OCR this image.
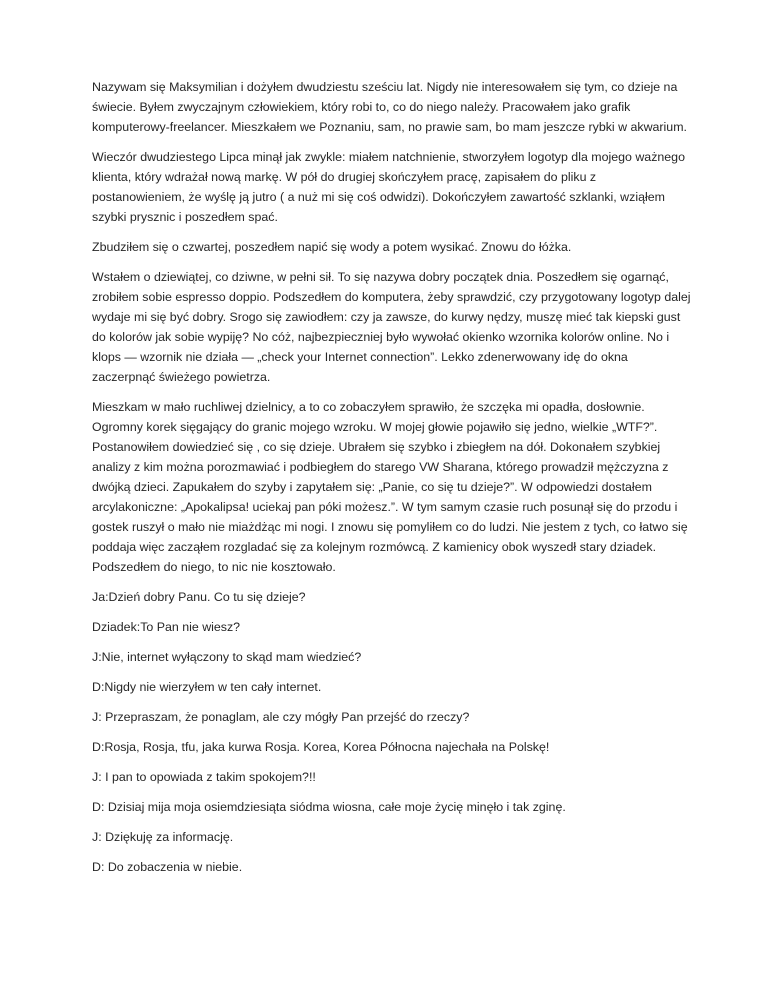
Nazywam się Maksymilian i dożyłem dwudziestu sześciu lat. Nigdy nie interesowałem się tym, co dzieje na świecie. Byłem zwyczajnym człowiekiem, który robi to, co do niego należy. Pracowałem jako grafik komputerowy-freelancer. Mieszkałem we Poznaniu, sam, no prawie sam, bo mam jeszcze rybki w akwarium.

Wieczór dwudziestego Lipca minął jak zwykle: miałem natchnienie, stworzyłem logotyp dla mojego ważnego klienta, który wdrażał nową markę. W pół do drugiej skończyłem pracę, zapisałem do pliku z postanowieniem, że wyślę ją jutro ( a nuż mi się coś odwidzi). Dokończyłem zawartość szklanki, wziąłem szybki prysznic i poszedłem spać.

Zbudziłem się o czwartej, poszedłem napić się wody a potem wysikać. Znowu do łóżka.

Wstałem o dziewiątej, co dziwne, w pełni sił. To się nazywa dobry początek dnia. Poszedłem się ogarnąć, zrobiłem sobie espresso doppio. Podszedłem do komputera, żeby sprawdzić, czy przygotowany logotyp dalej wydaje mi się być dobry. Srogo się zawiodłem: czy ja zawsze, do kurwy nędzy, muszę mieć tak kiepski gust do kolorów jak sobie wypiję? No cóż, najbezpieczniej było wywołać okienko wzornika kolorów online. No i klops — wzornik nie działa — „check your Internet connection”. Lekko zdenerwowany idę do okna zaczerpnąć świeżego powietrza.

Mieszkam w mało ruchliwej dzielnicy, a to co zobaczyłem sprawiło, że szczęka mi opadła, dosłownie. Ogromny korek sięgający do granic mojego wzroku. W mojej głowie pojawiło się jedno, wielkie „WTF?”. Postanowiłem dowiedzieć się , co się dzieje. Ubrałem się szybko i zbiegłem na dół. Dokonałem szybkiej analizy z kim można porozmawiać i podbiegłem do starego VW Sharana, którego prowadził mężczyzna z dwójką dzieci. Zapukałem do szyby i zapytałem się: „Panie, co się tu dzieje?”. W odpowiedzi dostałem arcylakoniczne: „Apokalipsa! uciekaj pan póki możesz.”. W tym samym czasie ruch posunął się do przodu i gostek ruszył o mało nie miażdżąc mi nogi. I znowu się pomyliłem co do ludzi. Nie jestem z tych, co łatwo się poddaja więc zacząłem rozgladać się za kolejnym rozmówcą. Z kamienicy obok wyszedł stary dziadek. Podszedłem do niego, to nic nie kosztowało.

Ja:Dzień dobry Panu. Co tu się dzieje?

Dziadek:To Pan nie wiesz?

J:Nie, internet wyłączony to skąd mam wiedzieć?

D:Nigdy nie wierzyłem w ten cały internet.

J: Przepraszam, że ponaglam, ale czy mógły Pan przejść do rzeczy?

D:Rosja, Rosja, tfu, jaka kurwa Rosja. Korea, Korea Północna najechała na Polskę!

J: I pan to opowiada z takim spokojem?!!

D: Dzisiaj mija moja osiemdziesiąta siódma wiosna, całe moje życię minęło i tak zginę.

J: Dziękuję za informację.

D: Do zobaczenia w niebie.
